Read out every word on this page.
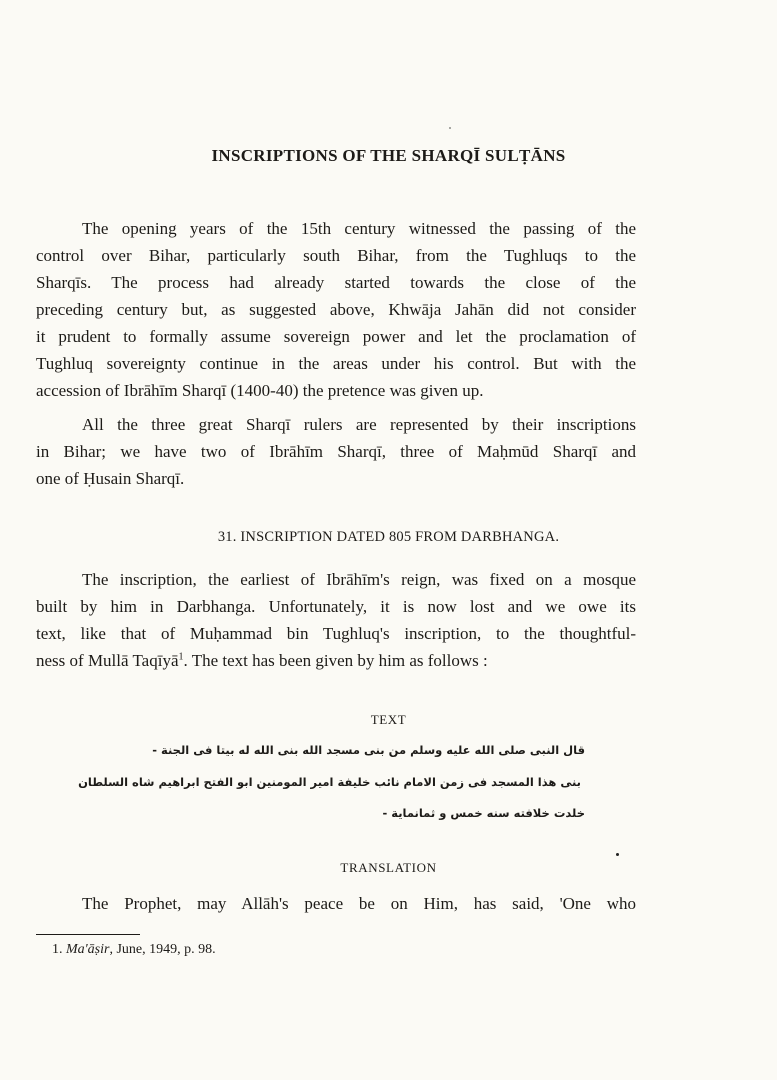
INSCRIPTIONS OF THE SHARQĪ SULṬĀNS
The opening years of the 15th century witnessed the passing of the
control over Bihar, particularly south Bihar, from the Tughluqs to the
Sharqīs. The process had already started towards the close of the
preceding century but, as suggested above, Khwāja Jahān did not consider
it prudent to formally assume sovereign power and let the proclamation of
Tughluq sovereignty continue in the areas under his control. But with the
accession of Ibrāhīm Sharqī (1400-40) the pretence was given up.
All the three great Sharqī rulers are represented by their inscriptions
in Bihar; we have two of Ibrāhīm Sharqī, three of Maḥmūd Sharqī and
one of Ḥusain Sharqī.
31. INSCRIPTION DATED 805 FROM DARBHANGA.
The inscription, the earliest of Ibrāhīm's reign, was fixed on a mosque
built by him in Darbhanga. Unfortunately, it is now lost and we owe its
text, like that of Muḥammad bin Tughluq's inscription, to the thoughtful-
ness of Mullā Taqīyā$^1$. The text has been given by him as follows :
TEXT
قال النبی صلی الله علیه وسلم من بنی مسجد الله بنی الله له بیتا فی الجنة -
بنی هذا المسجد فی زمن الامام نائب خلیفة امیر المومنین ابو الفتح ابراهیم شاه السلطان
خلدت خلافته سنه خمس و ثمانمایة -
TRANSLATION
The Prophet, may Allāh's peace be on Him, has said, 'One who
1. Ma'āṣir, June, 1949, p. 98.
